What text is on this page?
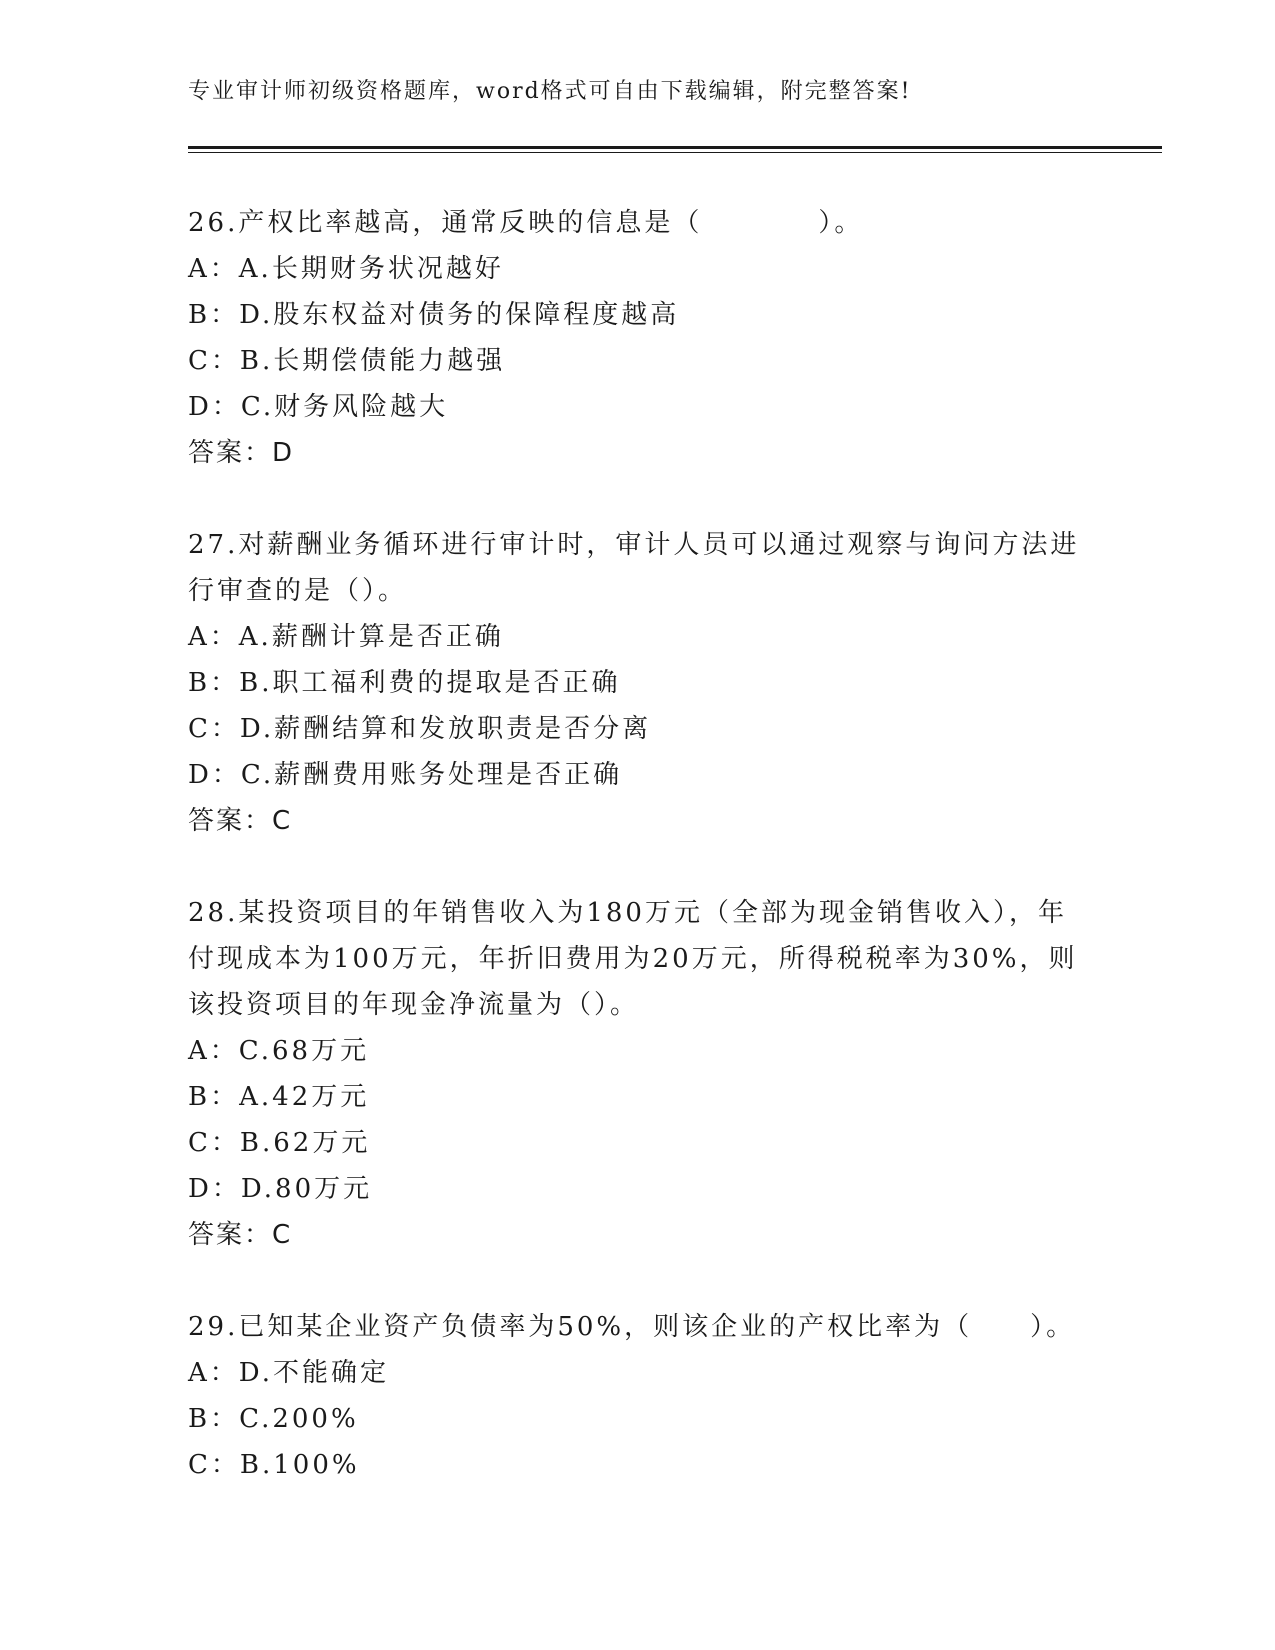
专业审计师初级资格题库，word格式可自由下载编辑，附完整答案!
26.产权比率越高，通常反映的信息是（　　　　）。
A：A.长期财务状况越好
B：D.股东权益对债务的保障程度越高
C：B.长期偿债能力越强
D：C.财务风险越大
答案：D
27.对薪酬业务循环进行审计时，审计人员可以通过观察与询问方法进行审查的是（）。
A：A.薪酬计算是否正确
B：B.职工福利费的提取是否正确
C：D.薪酬结算和发放职责是否分离
D：C.薪酬费用账务处理是否正确
答案：C
28.某投资项目的年销售收入为180万元（全部为现金销售收入），年付现成本为100万元，年折旧费用为20万元，所得税税率为30%，则该投资项目的年现金净流量为（）。
A：C.68万元
B：A.42万元
C：B.62万元
D：D.80万元
答案：C
29.已知某企业资产负债率为50%，则该企业的产权比率为（　　）。
A：D.不能确定
B：C.200%
C：B.100%
